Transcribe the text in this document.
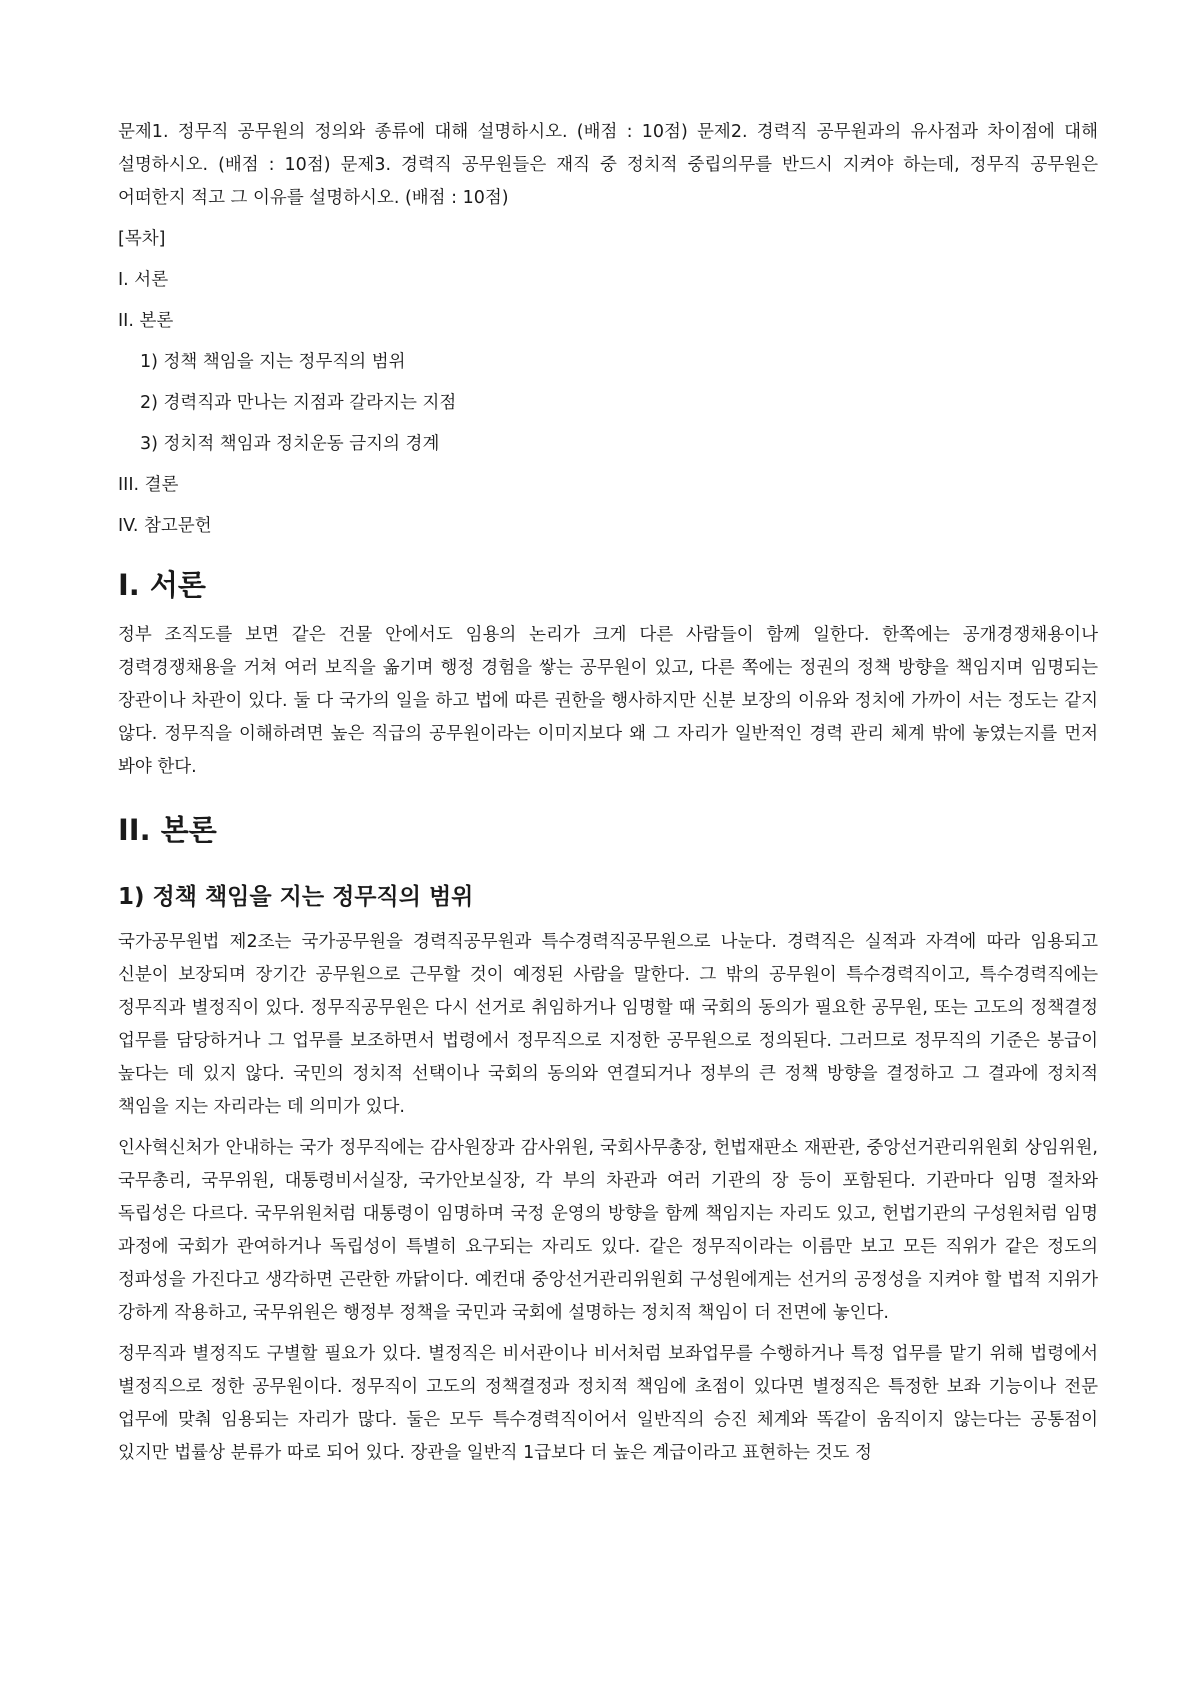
문제1. 정무직 공무원의 정의와 종류에 대해 설명하시오. (배점 : 10점) 문제2. 경력직 공무원과의 유사점과 차이점에 대해 설명하시오. (배점 : 10점) 문제3. 경력직 공무원들은 재직 중 정치적 중립의무를 반드시 지켜야 하는데, 정무직 공무원은 어떠한지 적고 그 이유를 설명하시오. (배점 : 10점)

[목차]
I. 서론
II. 본론
1) 정책 책임을 지는 정무직의 범위
2) 경력직과 만나는 지점과 갈라지는 지점
3) 정치적 책임과 정치운동 금지의 경계
III. 결론
IV. 참고문헌
I. 서론

정부 조직도를 보면 같은 건물 안에서도 임용의 논리가 크게 다른 사람들이 함께 일한다. 한쪽에는 공개경쟁채용이나 경력경쟁채용을 거쳐 여러 보직을 옮기며 행정 경험을 쌓는 공무원이 있고, 다른 쪽에는 정권의 정책 방향을 책임지며 임명되는 장관이나 차관이 있다. 둘 다 국가의 일을 하고 법에 따른 권한을 행사하지만 신분 보장의 이유와 정치에 가까이 서는 정도는 같지 않다. 정무직을 이해하려면 높은 직급의 공무원이라는 이미지보다 왜 그 자리가 일반적인 경력 관리 체계 밖에 놓였는지를 먼저 봐야 한다.

II. 본론
1) 정책 책임을 지는 정무직의 범위

국가공무원법 제2조는 국가공무원을 경력직공무원과 특수경력직공무원으로 나눈다. 경력직은 실적과 자격에 따라 임용되고 신분이 보장되며 장기간 공무원으로 근무할 것이 예정된 사람을 말한다. 그 밖의 공무원이 특수경력직이고, 특수경력직에는 정무직과 별정직이 있다. 정무직공무원은 다시 선거로 취임하거나 임명할 때 국회의 동의가 필요한 공무원, 또는 고도의 정책결정 업무를 담당하거나 그 업무를 보조하면서 법령에서 정무직으로 지정한 공무원으로 정의된다. 그러므로 정무직의 기준은 봉급이 높다는 데 있지 않다. 국민의 정치적 선택이나 국회의 동의와 연결되거나 정부의 큰 정책 방향을 결정하고 그 결과에 정치적 책임을 지는 자리라는 데 의미가 있다.

인사혁신처가 안내하는 국가 정무직에는 감사원장과 감사위원, 국회사무총장, 헌법재판소 재판관, 중앙선거관리위원회 상임위원, 국무총리, 국무위원, 대통령비서실장, 국가안보실장, 각 부의 차관과 여러 기관의 장 등이 포함된다. 기관마다 임명 절차와 독립성은 다르다. 국무위원처럼 대통령이 임명하며 국정 운영의 방향을 함께 책임지는 자리도 있고, 헌법기관의 구성원처럼 임명 과정에 국회가 관여하거나 독립성이 특별히 요구되는 자리도 있다. 같은 정무직이라는 이름만 보고 모든 직위가 같은 정도의 정파성을 가진다고 생각하면 곤란한 까닭이다. 예컨대 중앙선거관리위원회 구성원에게는 선거의 공정성을 지켜야 할 법적 지위가 강하게 작용하고, 국무위원은 행정부 정책을 국민과 국회에 설명하는 정치적 책임이 더 전면에 놓인다.

정무직과 별정직도 구별할 필요가 있다. 별정직은 비서관이나 비서처럼 보좌업무를 수행하거나 특정 업무를 맡기 위해 법령에서 별정직으로 정한 공무원이다. 정무직이 고도의 정책결정과 정치적 책임에 초점이 있다면 별정직은 특정한 보좌 기능이나 전문 업무에 맞춰 임용되는 자리가 많다. 둘은 모두 특수경력직이어서 일반직의 승진 체계와 똑같이 움직이지 않는다는 공통점이 있지만 법률상 분류가 따로 되어 있다. 장관을 일반직 1급보다 더 높은 계급이라고 표현하는 것도 정
